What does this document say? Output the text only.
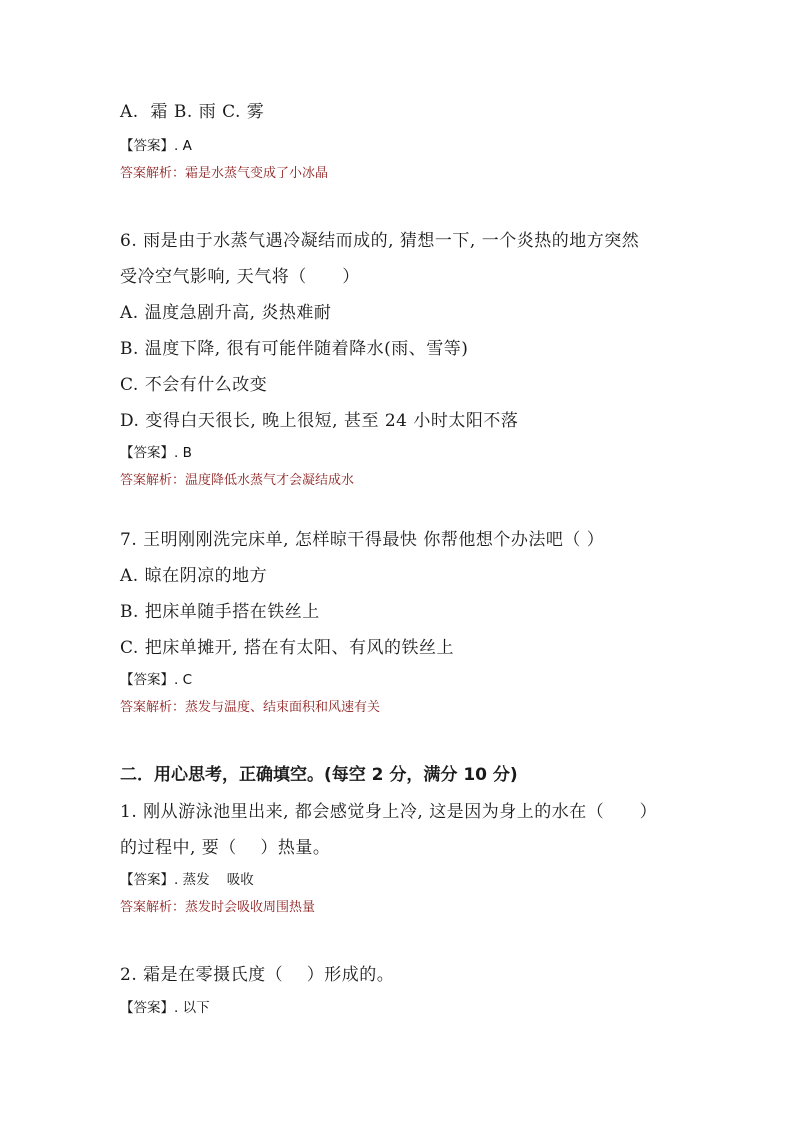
A.  霜 B. 雨 C. 雾
【答案】. A
答案解析：霜是水蒸气变成了小冰晶
6. 雨是由于水蒸气遇冷凝结而成的, 猜想一下, 一个炎热的地方突然
受冷空气影响, 天气将（      ）
A. 温度急剧升高, 炎热难耐
B. 温度下降, 很有可能伴随着降水(雨、雪等)
C. 不会有什么改变
D. 变得白天很长, 晚上很短, 甚至 24 小时太阳不落
【答案】. B
答案解析：温度降低水蒸气才会凝结成水
7. 王明刚刚洗完床单, 怎样晾干得最快 你帮他想个办法吧（ ）
A. 晾在阴凉的地方
B. 把床单随手搭在铁丝上
C. 把床单摊开, 搭在有太阳、有风的铁丝上
【答案】. C
答案解析：蒸发与温度、结束面积和风速有关
二．用心思考，正确填空。(每空 2 分，满分 10 分)
1. 刚从游泳池里出来, 都会感觉身上冷, 这是因为身上的水在（      ）
的过程中, 要（    ）热量。
【答案】. 蒸发    吸收
答案解析：蒸发时会吸收周围热量
2. 霜是在零摄氏度（    ）形成的。
【答案】. 以下
